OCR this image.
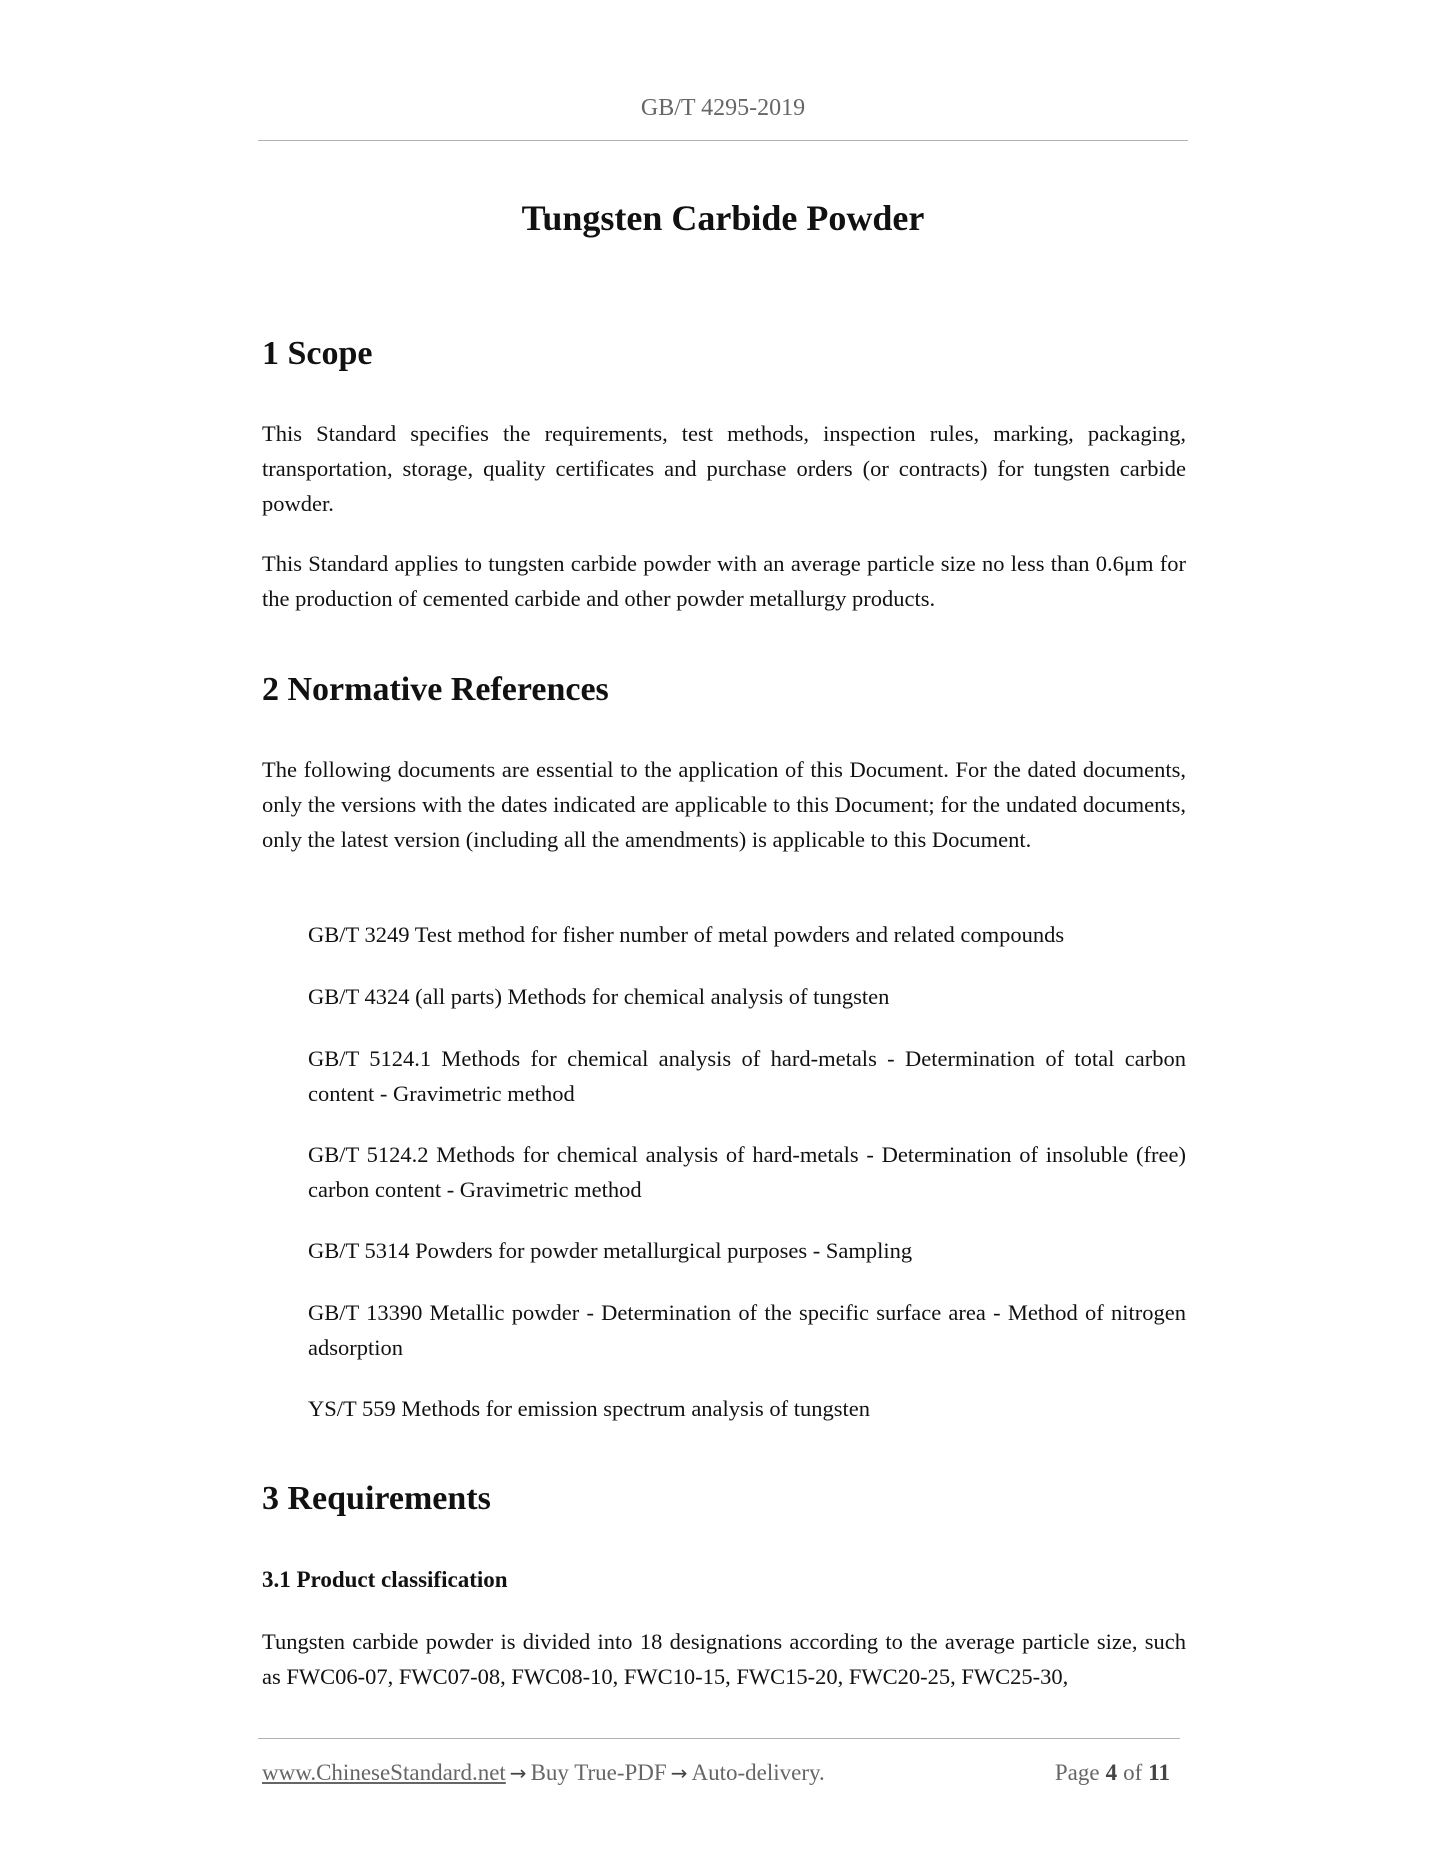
GB/T 4295-2019
Tungsten Carbide Powder
1 Scope

This Standard specifies the requirements, test methods, inspection rules, marking, packaging, transportation, storage, quality certificates and purchase orders (or contracts) for tungsten carbide powder.

This Standard applies to tungsten carbide powder with an average particle size no less than 0.6μm for the production of cemented carbide and other powder metallurgy products.

2 Normative References

The following documents are essential to the application of this Document. For the dated documents, only the versions with the dates indicated are applicable to this Document; for the undated documents, only the latest version (including all the amendments) is applicable to this Document.

GB/T 3249 Test method for fisher number of metal powders and related compounds

GB/T 4324 (all parts) Methods for chemical analysis of tungsten

GB/T 5124.1 Methods for chemical analysis of hard-metals - Determination of total carbon content - Gravimetric method

GB/T 5124.2 Methods for chemical analysis of hard-metals - Determination of insoluble (free) carbon content - Gravimetric method

GB/T 5314 Powders for powder metallurgical purposes - Sampling

GB/T 13390 Metallic powder - Determination of the specific surface area - Method of nitrogen adsorption

YS/T 559 Methods for emission spectrum analysis of tungsten

3 Requirements
3.1 Product classification

Tungsten carbide powder is divided into 18 designations according to the average particle size, such as FWC06-07, FWC07-08, FWC08-10, FWC10-15, FWC15-20, FWC20-25, FWC25-30,

www.ChineseStandard.net → Buy True-PDF → Auto-delivery.	Page 4 of 11
